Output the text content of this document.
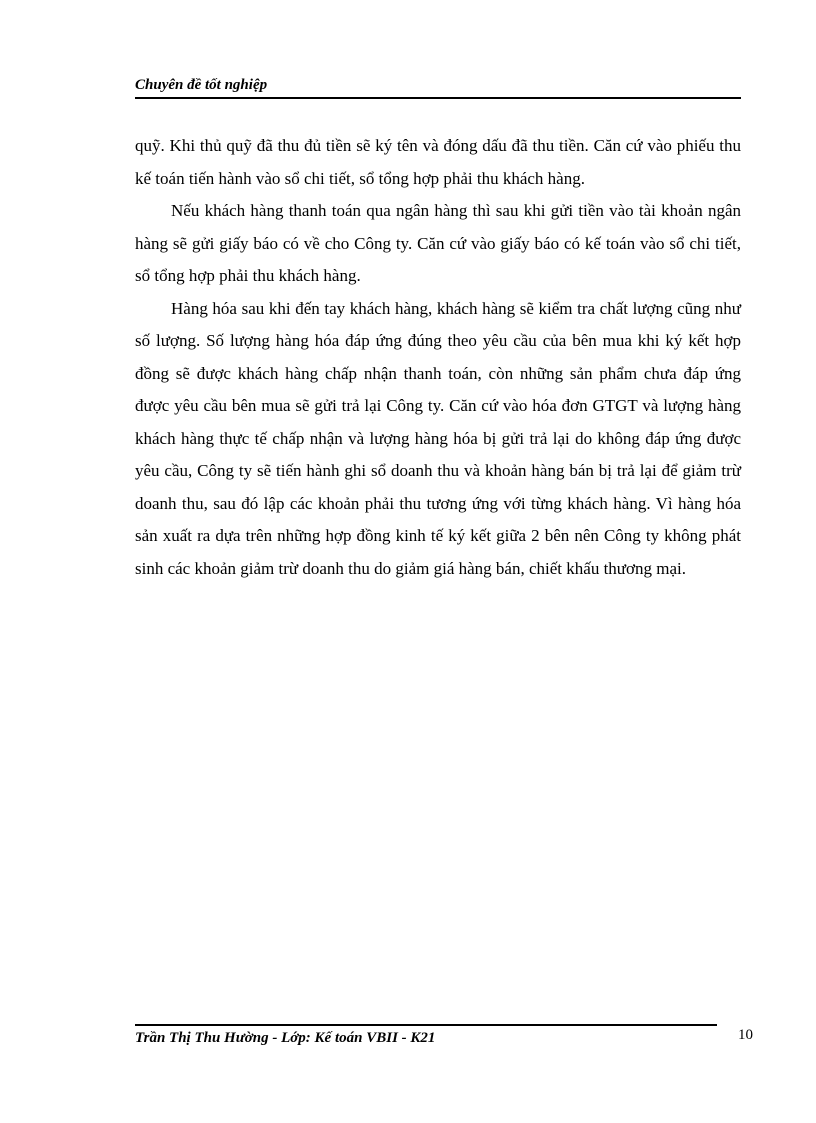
Chuyên đề tốt nghiệp

quỹ. Khi thủ quỹ đã thu đủ tiền sẽ ký tên và đóng dấu đã thu tiền. Căn cứ vào phiếu thu kế toán tiến hành vào sổ chi tiết, sổ tổng hợp phải thu khách hàng.

Nếu khách hàng thanh toán qua ngân hàng thì sau khi gửi tiền vào tài khoản ngân hàng sẽ gửi giấy báo có về cho Công ty. Căn cứ vào giấy báo có kế toán vào sổ chi tiết, sổ tổng hợp phải thu khách hàng.

Hàng hóa sau khi đến tay khách hàng, khách hàng sẽ kiểm tra chất lượng cũng như số lượng. Số lượng hàng hóa đáp ứng đúng theo yêu cầu của bên mua khi ký kết hợp đồng sẽ được khách hàng chấp nhận thanh toán, còn những sản phẩm chưa đáp ứng được yêu cầu bên mua sẽ gửi trả lại Công ty. Căn cứ vào hóa đơn GTGT và lượng hàng khách hàng thực tế chấp nhận và lượng hàng hóa bị gửi trả lại do không đáp ứng được yêu cầu, Công ty sẽ tiến hành ghi sổ doanh thu và khoản hàng bán bị trả lại để giảm trừ doanh thu, sau đó lập các khoản phải thu tương ứng với từng khách hàng. Vì hàng hóa sản xuất ra dựa trên những hợp đồng kinh tế ký kết giữa 2 bên nên Công ty không phát sinh các khoản giảm trừ doanh thu do giảm giá hàng bán, chiết khấu thương mại.

Trần Thị Thu Hường - Lớp: Kế toán VBII - K21	10
